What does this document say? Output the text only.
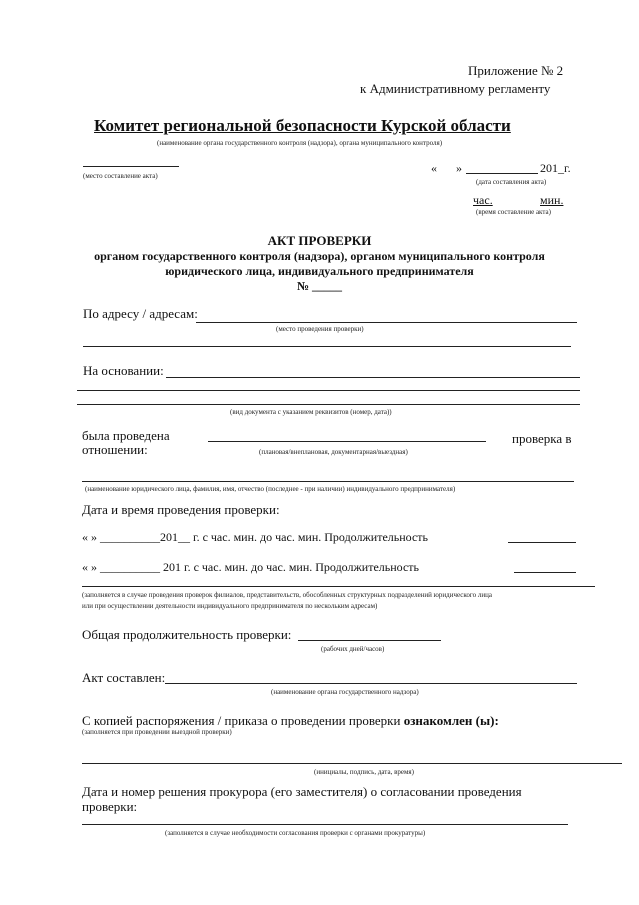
Приложение № 2
к Административному регламенту
Комитет региональной безопасности Курской области
(наименование органа государственного контроля (надзора), органа муниципального контроля)
(место составление акта)
« »	201_г.
(дата составления акта)
час.	мин.
(время составление акта)
АКТ ПРОВЕРКИ
органом государственного контроля (надзора), органом муниципального контроля
юридического лица, индивидуального предпринимателя
№ _____
По адресу / адресам:
(место проведения проверки)
На основании:
(вид документа с указанием реквизитов (номер, дата))
была проведена
отношении:	(плановая/внеплановая, документарная/выездная)
проверка в
(наименование юридического лица, фамилия, имя, отчество (последнее - при наличии) индивидуального предпринимателя)
Дата и время проведения проверки:
« » __________201__ г. с час. мин. до час. мин. Продолжительность
« » __________ 201 г. с час. мин. до час. мин. Продолжительность
(заполняется в случае проведения проверок филиалов, представительств, обособленных структурных подразделений юридического лица
или при осуществлении деятельности индивидуального предпринимателя по нескольким адресам)
Общая продолжительность проверки:
(рабочих дней/часов)
Акт составлен:
(наименование органа государственного надзора)
С копией распоряжения / приказа о проведении проверки ознакомлен (ы):
(заполняется при проведении выездной проверки)
(инициалы, подпись, дата, время)
Дата и номер решения прокурора (его заместителя) о согласовании проведения
проверки:
(заполняется в случае необходимости согласования проверки с органами прокуратуры)
